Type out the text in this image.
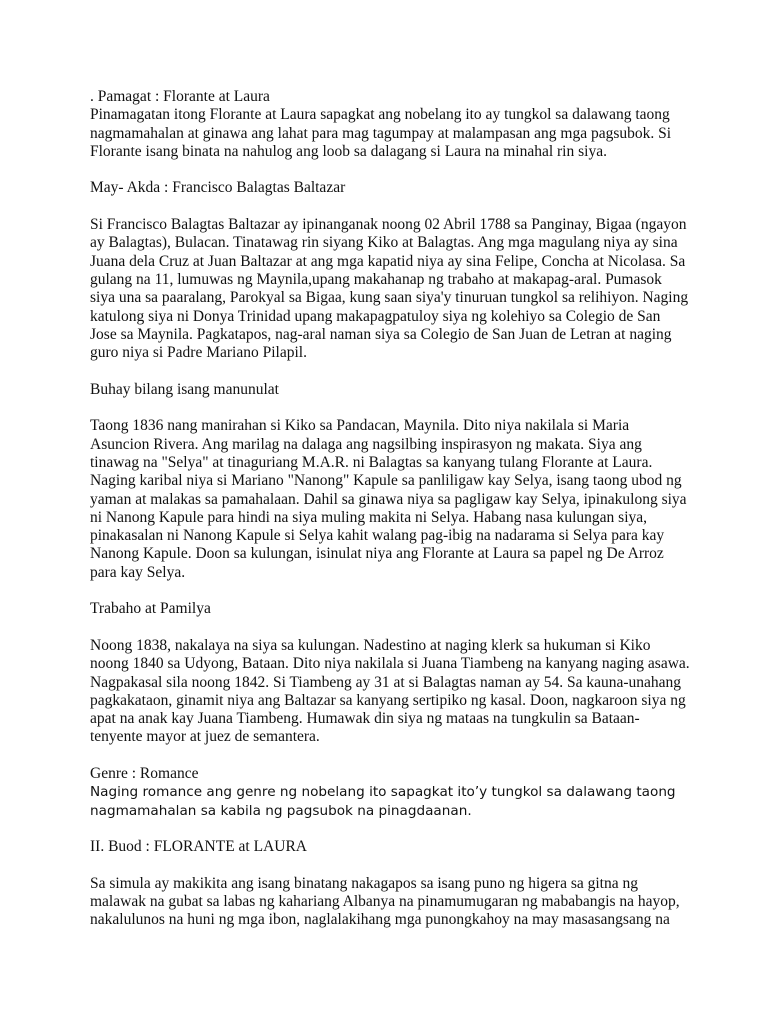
. Pamagat : Florante at Laura

Pinamagatan itong Florante at Laura sapagkat ang nobelang ito ay tungkol sa dalawang taong nagmamahalan at ginawa ang lahat para mag tagumpay at malampasan ang mga pagsubok. Si Florante isang binata na nahulog ang loob sa dalagang si Laura na minahal rin siya.

May- Akda : Francisco Balagtas Baltazar

Si Francisco Balagtas Baltazar ay ipinanganak noong 02 Abril 1788 sa Panginay, Bigaa (ngayon ay Balagtas), Bulacan. Tinatawag rin siyang Kiko at Balagtas. Ang mga magulang niya ay sina Juana dela Cruz at Juan Baltazar at ang mga kapatid niya ay sina Felipe, Concha at Nicolasa. Sa gulang na 11, lumuwas ng Maynila,upang makahanap ng trabaho at makapag-aral. Pumasok siya una sa paaralang, Parokyal sa Bigaa, kung saan siya'y tinuruan tungkol sa relihiyon. Naging katulong siya ni Donya Trinidad upang makapagpatuloy siya ng kolehiyo sa Colegio de San Jose sa Maynila. Pagkatapos, nag-aral naman siya sa Colegio de San Juan de Letran at naging guro niya si Padre Mariano Pilapil.

Buhay bilang isang manunulat

Taong 1836 nang manirahan si Kiko sa Pandacan, Maynila. Dito niya nakilala si Maria Asuncion Rivera. Ang marilag na dalaga ang nagsilbing inspirasyon ng makata. Siya ang tinawag na "Selya" at tinaguriang M.A.R. ni Balagtas sa kanyang tulang Florante at Laura. Naging karibal niya si Mariano "Nanong" Kapule sa panliligaw kay Selya, isang taong ubod ng yaman at malakas sa pamahalaan. Dahil sa ginawa niya sa pagligaw kay Selya, ipinakulong siya ni Nanong Kapule para hindi na siya muling makita ni Selya. Habang nasa kulungan siya, pinakasalan ni Nanong Kapule si Selya kahit walang pag-ibig na nadarama si Selya para kay Nanong Kapule. Doon sa kulungan, isinulat niya ang Florante at Laura sa papel ng De Arroz para kay Selya.

Trabaho at Pamilya

Noong 1838, nakalaya na siya sa kulungan. Nadestino at naging klerk sa hukuman si Kiko noong 1840 sa Udyong, Bataan. Dito niya nakilala si Juana Tiambeng na kanyang naging asawa. Nagpakasal sila noong 1842. Si Tiambeng ay 31 at si Balagtas naman ay 54. Sa kauna-unahang pagkakataon, ginamit niya ang Baltazar sa kanyang sertipiko ng kasal. Doon, nagkaroon siya ng apat na anak kay Juana Tiambeng. Humawak din siya ng mataas na tungkulin sa Bataan-tenyente mayor at juez de semantera.

Genre : Romance

Naging romance ang genre ng nobelang ito sapagkat ito’y tungkol sa dalawang taong nagmamahalan sa kabila ng pagsubok na pinagdaanan.

II. Buod : FLORANTE at LAURA

Sa simula ay makikita ang isang binatang nakagapos sa isang puno ng higera sa gitna ng malawak na gubat sa labas ng kahariang Albanya na pinamumugaran ng mababangis na hayop, nakalulunos na huni ng mga ibon, naglalakihang mga punongkahoy na may masasangsang na
